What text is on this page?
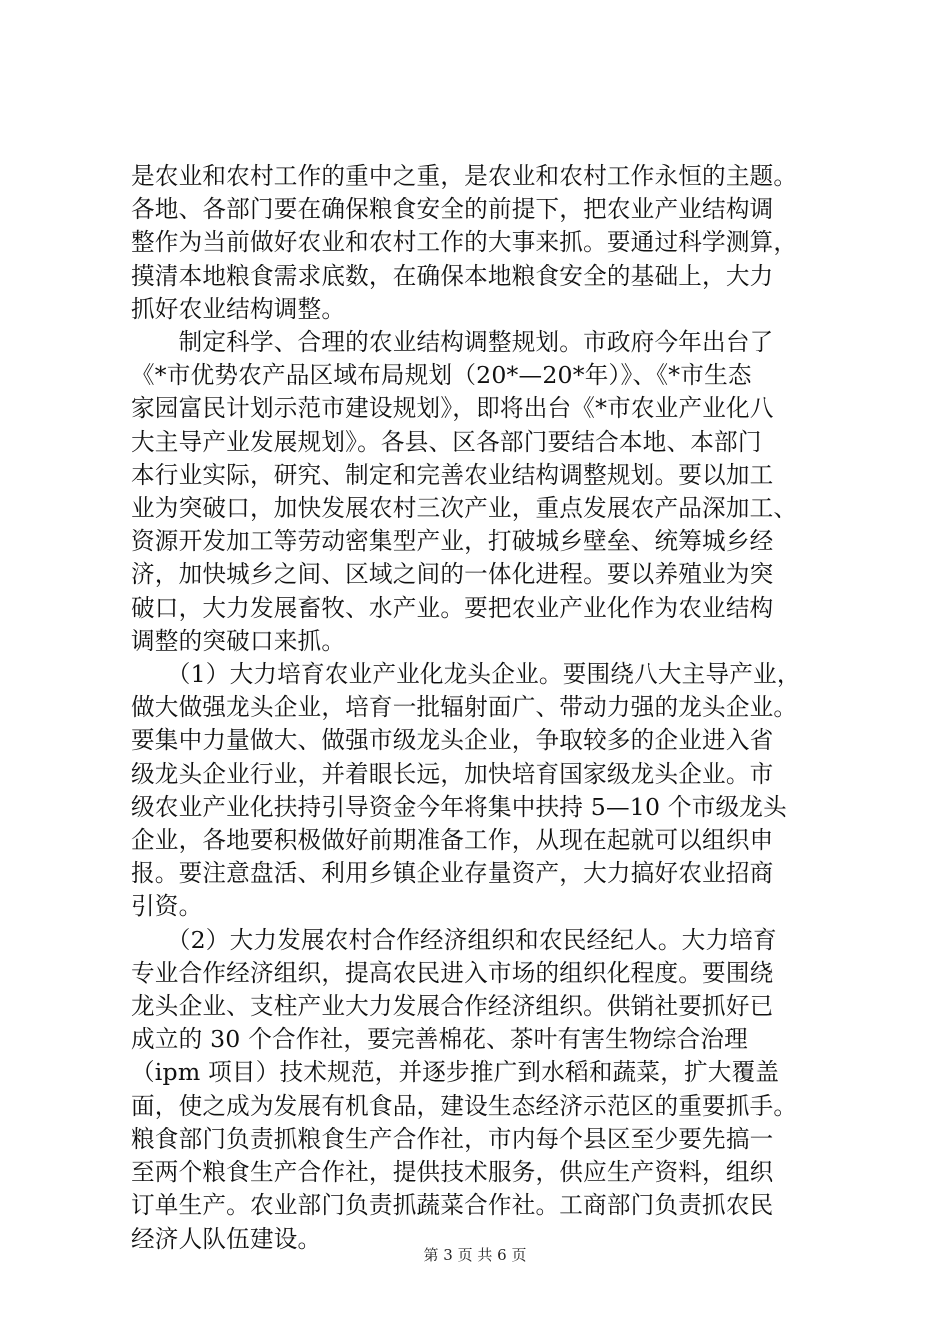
是农业和农村工作的重中之重，是农业和农村工作永恒的主题。

各地、各部门要在确保粮食安全的前提下，把农业产业结构调

整作为当前做好农业和农村工作的大事来抓。要通过科学测算，

摸清本地粮食需求底数，在确保本地粮食安全的基础上，大力

抓好农业结构调整。

　　制定科学、合理的农业结构调整规划。市政府今年出台了

《*市优势农产品区域布局规划（20*—20*年）》、《*市生态

家园富民计划示范市建设规划》，即将出台《*市农业产业化八

大主导产业发展规划》。各县、区各部门要结合本地、本部门

本行业实际，研究、制定和完善农业结构调整规划。要以加工

业为突破口，加快发展农村三次产业，重点发展农产品深加工、

资源开发加工等劳动密集型产业，打破城乡壁垒、统筹城乡经

济，加快城乡之间、区域之间的一体化进程。要以养殖业为突

破口，大力发展畜牧、水产业。要把农业产业化作为农业结构

调整的突破口来抓。

　　（1）大力培育农业产业化龙头企业。要围绕八大主导产业，

做大做强龙头企业，培育一批辐射面广、带动力强的龙头企业。

要集中力量做大、做强市级龙头企业，争取较多的企业进入省

级龙头企业行业，并着眼长远，加快培育国家级龙头企业。市

级农业产业化扶持引导资金今年将集中扶持 5—10 个市级龙头

企业，各地要积极做好前期准备工作，从现在起就可以组织申

报。要注意盘活、利用乡镇企业存量资产，大力搞好农业招商

引资。

　　（2）大力发展农村合作经济组织和农民经纪人。大力培育

专业合作经济组织，提高农民进入市场的组织化程度。要围绕

龙头企业、支柱产业大力发展合作经济组织。供销社要抓好已

成立的 30 个合作社，要完善棉花、茶叶有害生物综合治理

（ipm 项目）技术规范，并逐步推广到水稻和蔬菜，扩大覆盖

面，使之成为发展有机食品，建设生态经济示范区的重要抓手。

粮食部门负责抓粮食生产合作社，市内每个县区至少要先搞一

至两个粮食生产合作社，提供技术服务，供应生产资料，组织

订单生产。农业部门负责抓蔬菜合作社。工商部门负责抓农民

经济人队伍建设。

第 3 页 共 6 页
